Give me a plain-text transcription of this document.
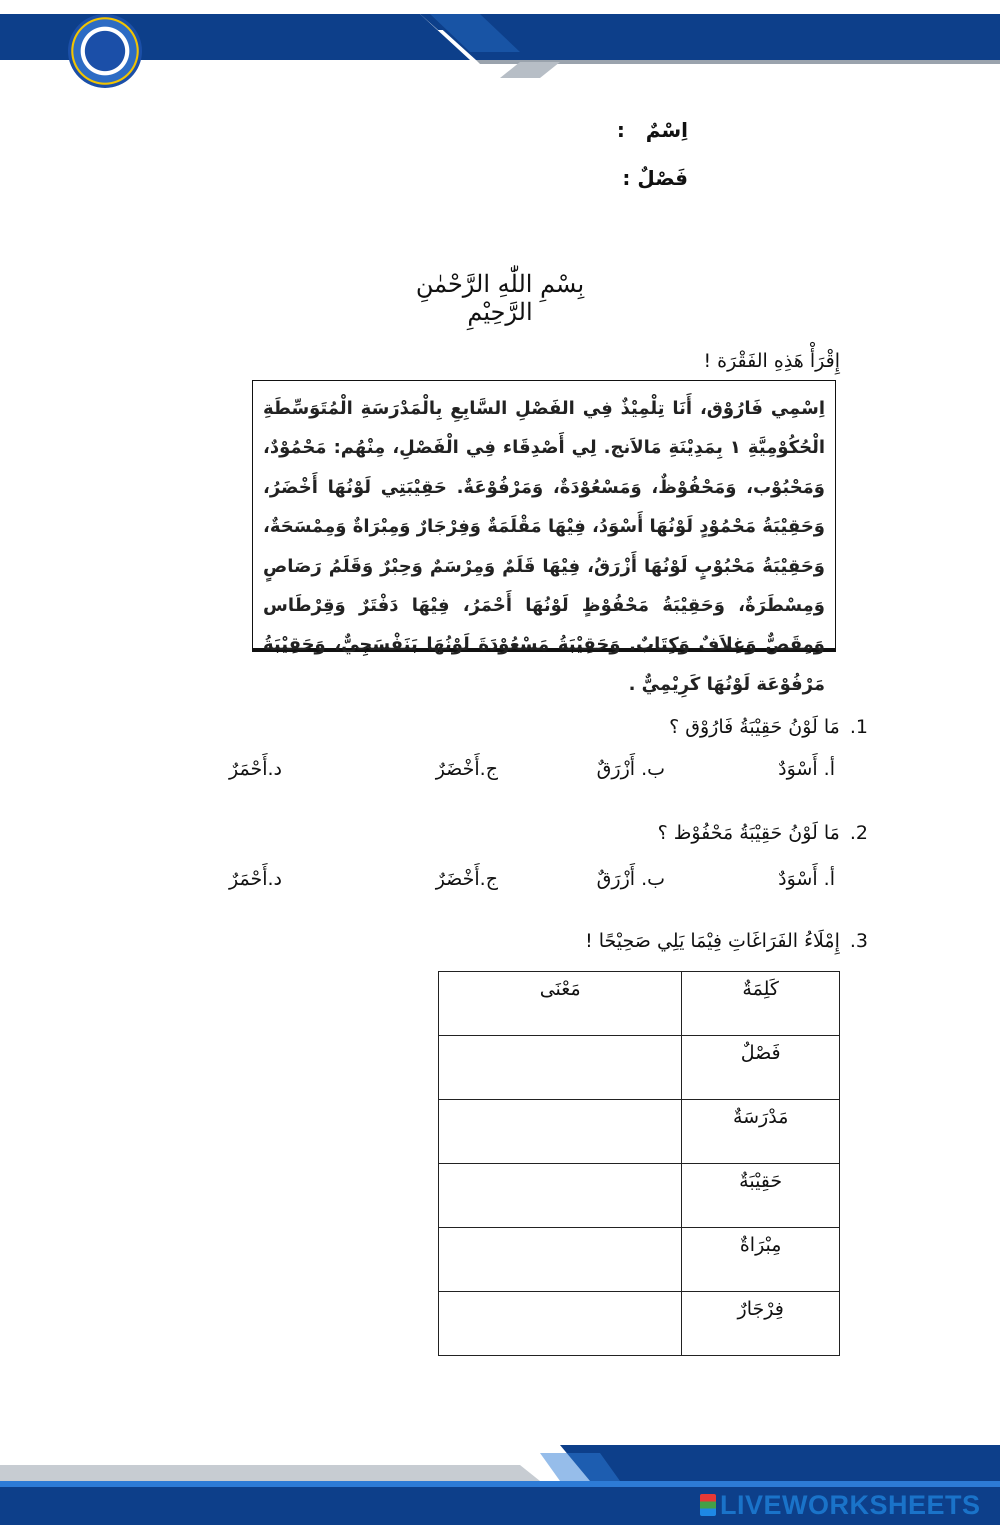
اِسْمٌ :
فَصْلٌ :
بِسْمِ اللّٰهِ الرَّحْمٰنِ الرَّحِيْمِ
إِقْرَأْ هَذِهِ الفَقْرَة !
اِسْمِي فَارُوْق، أَنَا تِلْمِيْذٌ فِي الفَصْلِ السَّابِعِ بِالْمَدْرَسَةِ الْمُتَوَسِّطَةِ الْحُكُوْمِيَّةِ ١ بِمَدِيْنَةِ مَالاَنج. لِي أَصْدِقَاء فِي الْفَصْلِ، مِنْهُم: مَحْمُوْدٌ، وَمَحْبُوْب، وَمَحْفُوْظٌ، وَمَسْعُوْدَةٌ، وَمَرْفُوْعَةٌ. حَقِيْبَتِي لَوْنُهَا أَخْضَرُ، وَحَقِيْبَةُ مَحْمُوْدٍ لَوْنُهَا أَسْوَدُ، فِيْهَا مَقْلَمَةٌ وَفِرْجَارٌ وَمِبْرَاةٌ وَمِمْسَحَةٌ، وَحَقِيْبَةُ مَحْبُوْبٍ لَوْنُهَا أَزْرَقُ، فِيْهَا قَلَمٌ وَمِرْسَمٌ وَحِبْرٌ وَقَلَمُ رَصَاصٍ وَمِسْطَرَةٌ، وَحَقِيْبَةُ مَحْفُوْظٍ لَوْنُهَا أَحْمَرُ، فِيْهَا دَفْتَرٌ وَقِرْطَاس وَمِقَصٌّ وَغِلاَفٌ وَكِتَابٌ. وَحَقِيْبَةُ مَسْعُوْدَةَ لَوْنُهَا بَنَفْسَجِيٌّ، وَحَقِيْبَةُ مَرْفُوْعَة لَوْنُهَا كَرِيْمِيٌّ .
1.مَا لَوْنُ حَقِيْبَةُ فَارُوْق ؟
أ. أَسْوَدٌ
ب. أَزْرَقٌ
ج.أَخْضَرٌ
د.أَحْمَرٌ
2.مَا لَوْنُ حَقِيْبَةُ مَحْفُوْظ ؟
أ. أَسْوَدٌ
ب. أَزْرَقٌ
ج.أَخْضَرٌ
د.أَحْمَرٌ
3.إِمْلَاءُ الفَرَاغَاتِ فِيْمَا يَلِي صَحِيْحًا !
كَلِمَةٌ	مَعْنَى
فَصْلٌ	
مَدْرَسَةٌ	
حَقِيْبَةٌ	
مِبْرَاةٌ	
فِرْجَارٌ	
LIVEWORKSHEETS
